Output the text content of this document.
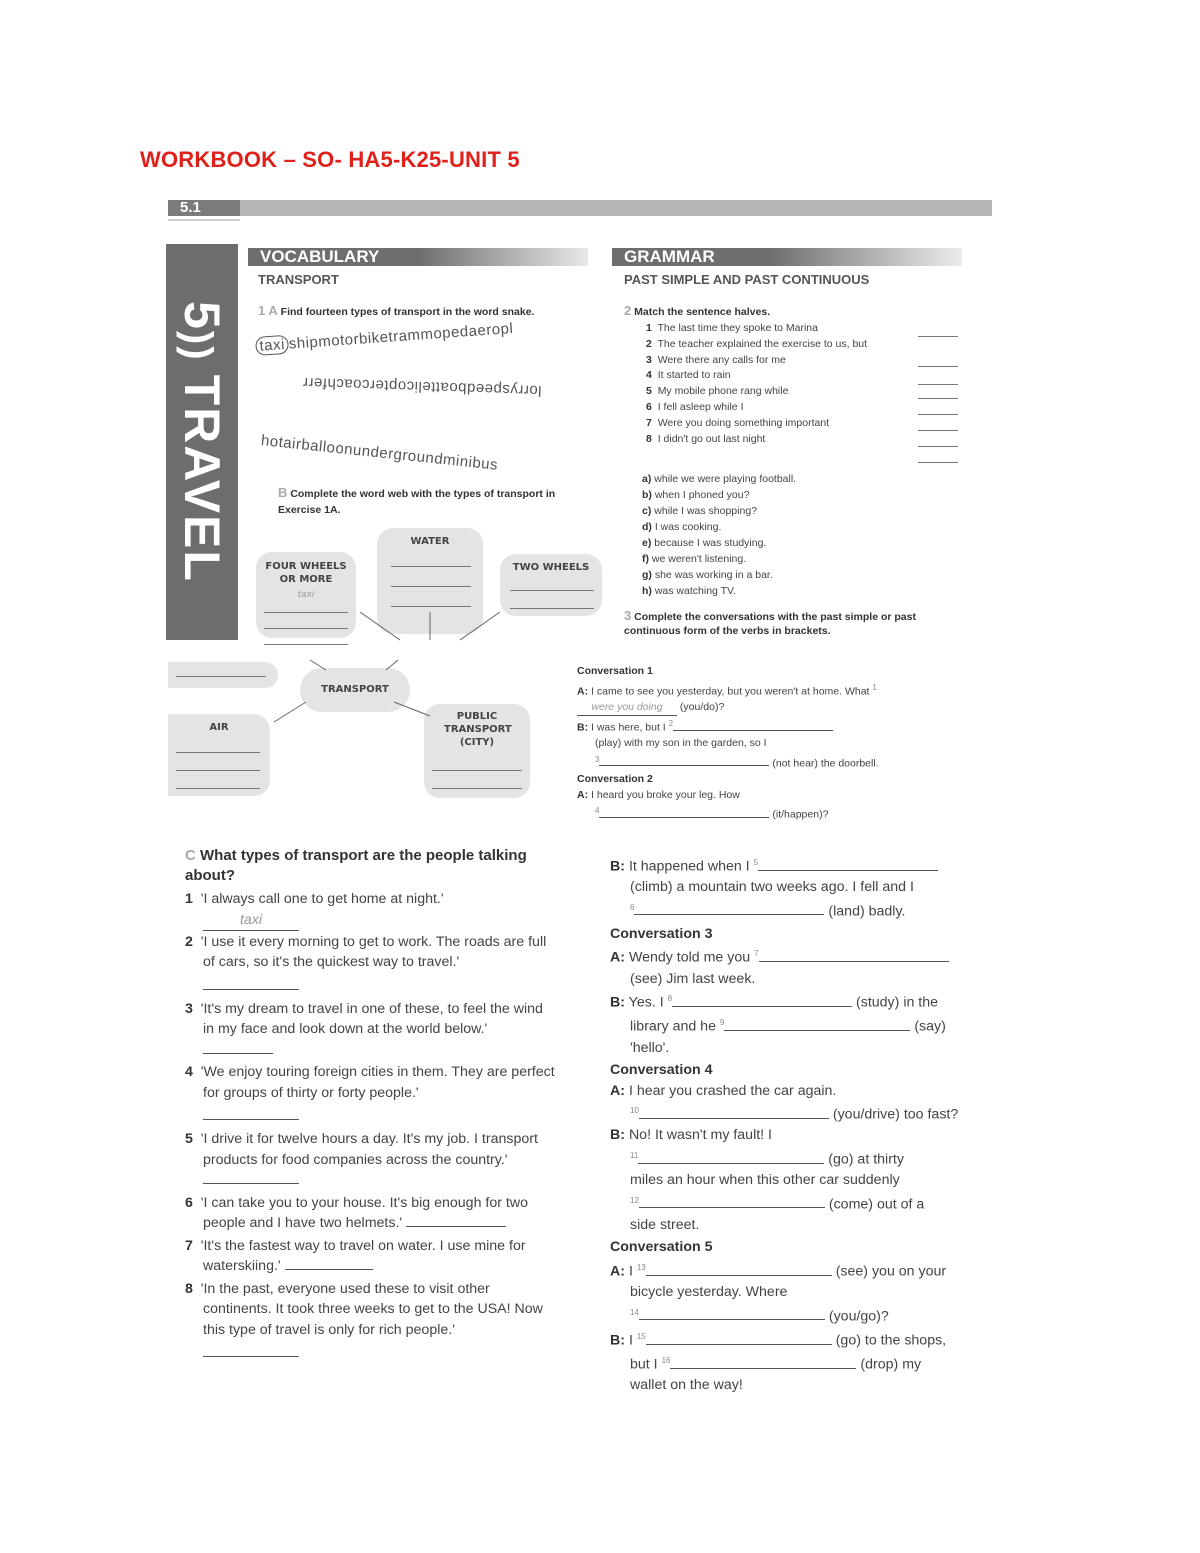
WORKBOOK – SO- HA5-K25-UNIT 5
5.1
5)) TRAVEL
VOCABULARY
TRANSPORT
1 A Find fourteen types of transport in the word snake.
taxi shipmotorbiketrammopedaeropl
lorryspeedboattelicoptercoachferr
hotairballoonundergroundminibus
B Complete the word web with the types of transport in Exercise 1A.
WATER
FOUR WHEELS OR MORE
taxi
TWO WHEELS
GRAMMAR
PAST SIMPLE AND PAST CONTINUOUS
2 Match the sentence halves.
1 The last time they spoke to Marina
2 The teacher explained the exercise to us, but
3 Were there any calls for me
4 It started to rain
5 My mobile phone rang while
6 I fell asleep while I
7 Were you doing something important
8 I didn't go out last night
a) while we were playing football.
b) when I phoned you?
c) while I was shopping?
d) I was cooking.
e) because I was studying.
f) we weren't listening.
g) she was working in a bar.
h) was watching TV.
3 Complete the conversations with the past simple or past continuous form of the verbs in brackets.
TRANSPORT
AIR
PUBLIC TRANSPORT (CITY)
Conversation 1
A: I came to see you yesterday, but you weren't at home. What $^1$were you doing (you/do)?
B: I was here, but I $^2$
(play) with my son in the garden, so I
$^3$	(not hear) the doorbell.
Conversation 2
A: I heard you broke your leg. How
$^4$	(it/happen)?
C What types of transport are the people talking about?
1 'I always call one to get home at night.'
taxi
2 'I use it every morning to get to work. The roads are full of cars, so it's the quickest way to travel.'
3 'It's my dream to travel in one of these, to feel the wind in my face and look down at the world below.'
4 'We enjoy touring foreign cities in them. They are perfect for groups of thirty or forty people.'
5 'I drive it for twelve hours a day. It's my job. I transport products for food companies across the country.'
6 'I can take you to your house. It's big enough for two people and I have two helmets.'
7 'It's the fastest way to travel on water. I use mine for waterskiing.'
8 'In the past, everyone used these to visit other continents. It took three weeks to get to the USA! Now this type of travel is only for rich people.'
B: It happened when I $^5$
(climb) a mountain two weeks ago. I fell and I
$^6$	(land) badly.
Conversation 3
A: Wendy told me you $^7$
(see) Jim last week.
B: Yes. I $^8$	(study) in the
library and he $^9$	(say)
'hello'.
Conversation 4
A: I hear you crashed the car again.
$^{10}$	(you/drive) too fast?
B: No! It wasn't my fault! I
$^{11}$	(go) at thirty
miles an hour when this other car suddenly
$^{12}$	(come) out of a
side street.
Conversation 5
A: I $^{13}$	(see) you on your
bicycle yesterday. Where
$^{14}$	(you/go)?
B: I $^{15}$	(go) to the shops,
but I $^{16}$	(drop) my
wallet on the way!
